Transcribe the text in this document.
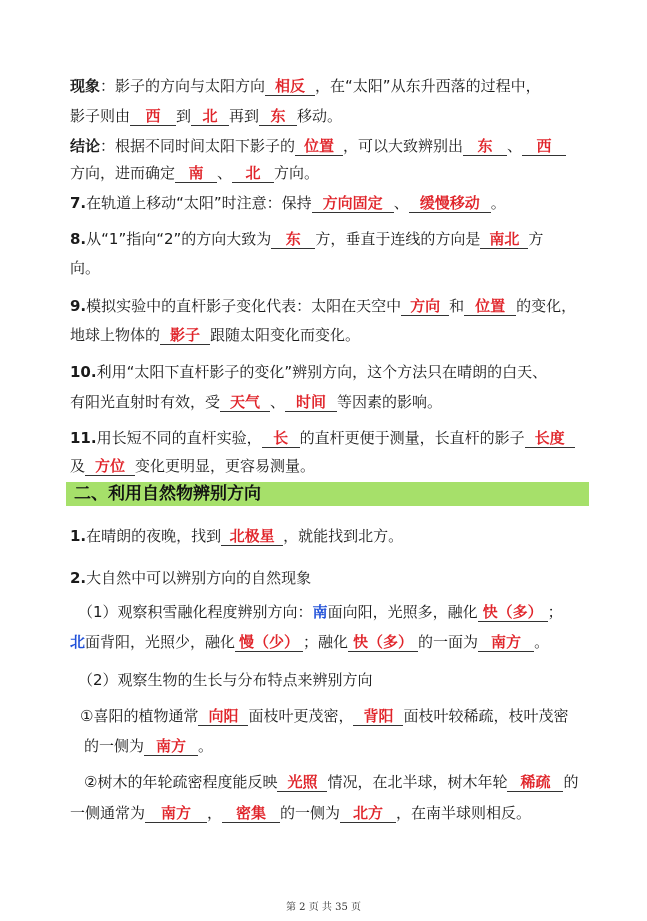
现象：影子的方向与太阳方向 相反 ，在“太阳”从东升西落的过程中，
影子则由 西 到 北 再到 东 移动。
结论：根据不同时间太阳下影子的 位置 ，可以大致辨别出 东 、 西
方向，进而确定 南 、 北 方向。
7.在轨道上移动“太阳”时注意：保持 方向固定 、 缓慢移动 。
8.从“1”指向“2”的方向大致为 东 方，垂直于连线的方向是 南北 方
向。
9.模拟实验中的直杆影子变化代表：太阳在天空中 方向 和 位置 的变化，
地球上物体的 影子 跟随太阳变化而变化。
10.利用“太阳下直杆影子的变化”辨别方向，这个方法只在晴朗的白天、
有阳光直射时有效，受 天气 、 时间 等因素的影响。
11.用长短不同的直杆实验， 长 的直杆更便于测量，长直杆的影子 长度
及 方位 变化更明显，更容易测量。
二、利用自然物辨别方向
1.在晴朗的夜晚，找到 北极星 ，就能找到北方。
2.大自然中可以辨别方向的自然现象
（1）观察积雪融化程度辨别方向：南面向阳，光照多，融化 快（多） ；
北面背阳，光照少，融化 慢（少） ；融化 快（多） 的一面为 南方 。
（2）观察生物的生长与分布特点来辨别方向
①喜阳的植物通常 向阳 面枝叶更茂密， 背阳 面枝叶较稀疏，枝叶茂密
的一侧为 南方 。
②树木的年轮疏密程度能反映 光照 情况，在北半球，树木年轮 稀疏 的
一侧通常为 南方 ， 密集 的一侧为 北方 ，在南半球则相反。
第 2 页 共 35 页
